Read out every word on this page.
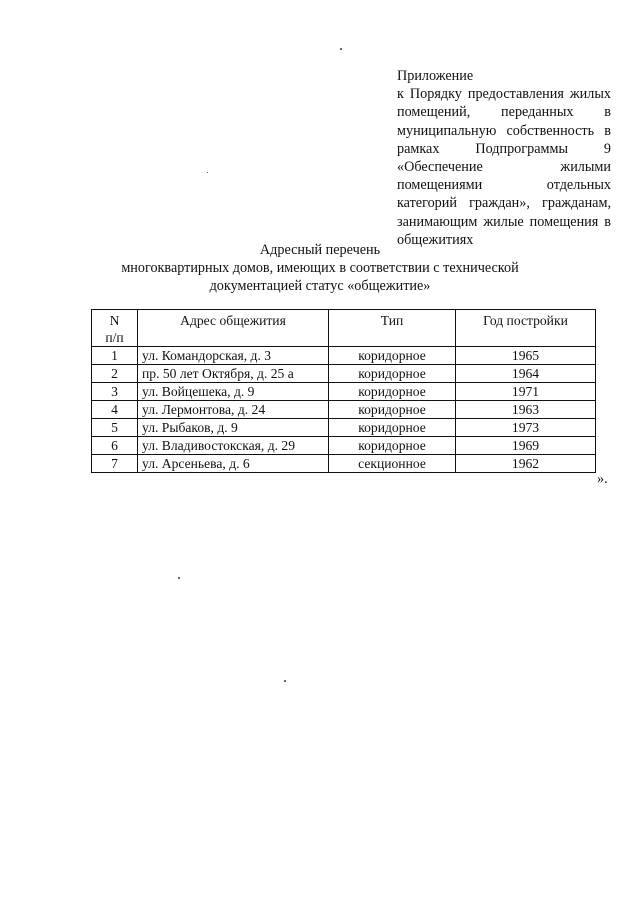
Приложение
к Порядку предоставления жилых помещений, переданных в муниципальную собственность в рамках Подпрограммы 9 «Обеспечение жилыми помещениями отдельных категорий граждан», гражданам, занимающим жилые помещения в общежитиях
Адресный перечень
многоквартирных домов, имеющих в соответствии с технической
документацией статус «общежитие»
N
п/п	Адрес общежития	Тип	Год постройки
1	ул. Командорская, д. 3	коридорное	1965
2	пр. 50 лет Октября, д. 25 а	коридорное	1964
3	ул. Войцешека, д. 9	коридорное	1971
4	ул. Лермонтова, д. 24	коридорное	1963
5	ул. Рыбаков, д. 9	коридорное	1973
6	ул. Владивостокская, д. 29	коридорное	1969
7	ул. Арсеньева, д. 6	секционное	1962
».
